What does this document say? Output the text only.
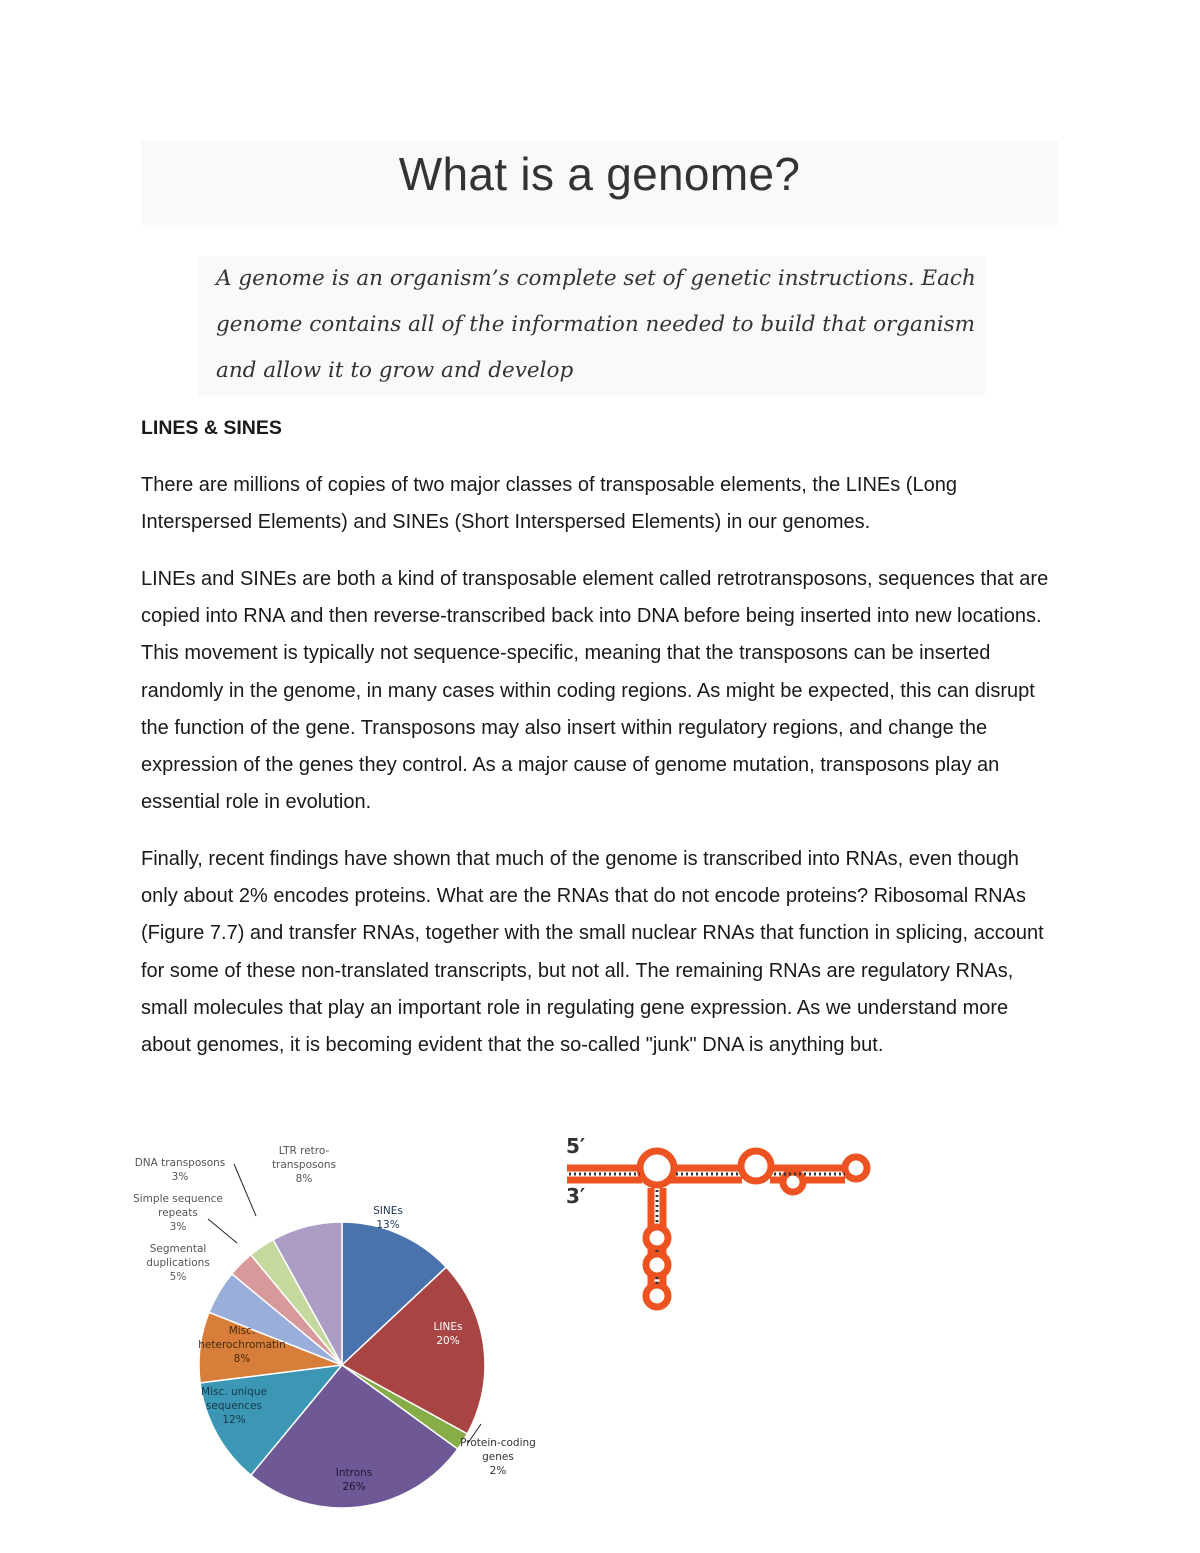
What is a genome?
A genome is an organism’s complete set of genetic instructions. Each genome contains all of the information needed to build that organism and allow it to grow and develop
LINES & SINES

There are millions of copies of two major classes of transposable elements, the LINEs (Long Interspersed Elements) and SINEs (Short Interspersed Elements) in our genomes.

LINEs and SINEs are both a kind of transposable element called retrotransposons, sequences that are copied into RNA and then reverse-transcribed back into DNA before being inserted into new locations. This movement is typically not sequence-specific, meaning that the transposons can be inserted randomly in the genome, in many cases within coding regions. As might be expected, this can disrupt the function of the gene. Transposons may also insert within regulatory regions, and change the expression of the genes they control. As a major cause of genome mutation, transposons play an essential role in evolution.

Finally, recent findings have shown that much of the genome is transcribed into RNAs, even though only about 2% encodes proteins. What are the RNAs that do not encode proteins? Ribosomal RNAs (Figure 7.7) and transfer RNAs, together with the small nuclear RNAs that function in splicing, account for some of these non-translated transcripts, but not all. The remaining RNAs are regulatory RNAs, small molecules that play an important role in regulating gene expression. As we understand more about genomes, it is becoming evident that the so-called "junk" DNA is anything but.

SINEs 13%
LINEs 20%
Protein-coding genes 2%
Introns 26%
Misc. unique sequences 12%
Misc. heterochromatin 8%
Segmental duplications 5%
Simple sequence repeats 3%
DNA transposons 3%
LTR retro-transposons 8%
5′
3′
